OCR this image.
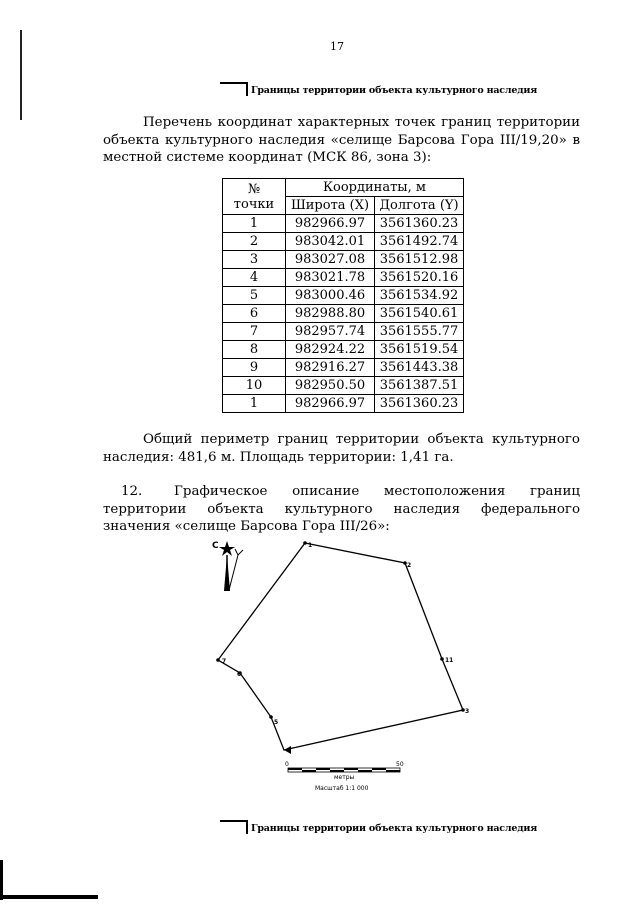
17
Границы территории объекта культурного наследия
Перечень координат характерных точек границ территории объекта культурного наследия «селище Барсова Гора III/19,20» в местной системе координат (МСК 86, зона 3):
№ точки	Координаты, м	
	Широта (X)	Долгота (Y)
1	982966.97	3561360.23
2	983042.01	3561492.74
3	983027.08	3561512.98
4	983021.78	3561520.16
5	983000.46	3561534.92
6	982988.80	3561540.61
7	982957.74	3561555.77
8	982924.22	3561519.54
9	982916.27	3561443.38
10	982950.50	3561387.51
1	982966.97	3561360.23
Общий периметр границ территории объекта культурного наследия: 481,6 м. Площадь территории: 1,41 га.
12. Графическое описание местоположения границ территории объекта культурного наследия федерального значения «селище Барсова Гора III/26»:
С	1
2
11
3
5
6
7
0	50
метры
Масштаб 1:1 000
Границы территории объекта культурного наследия
